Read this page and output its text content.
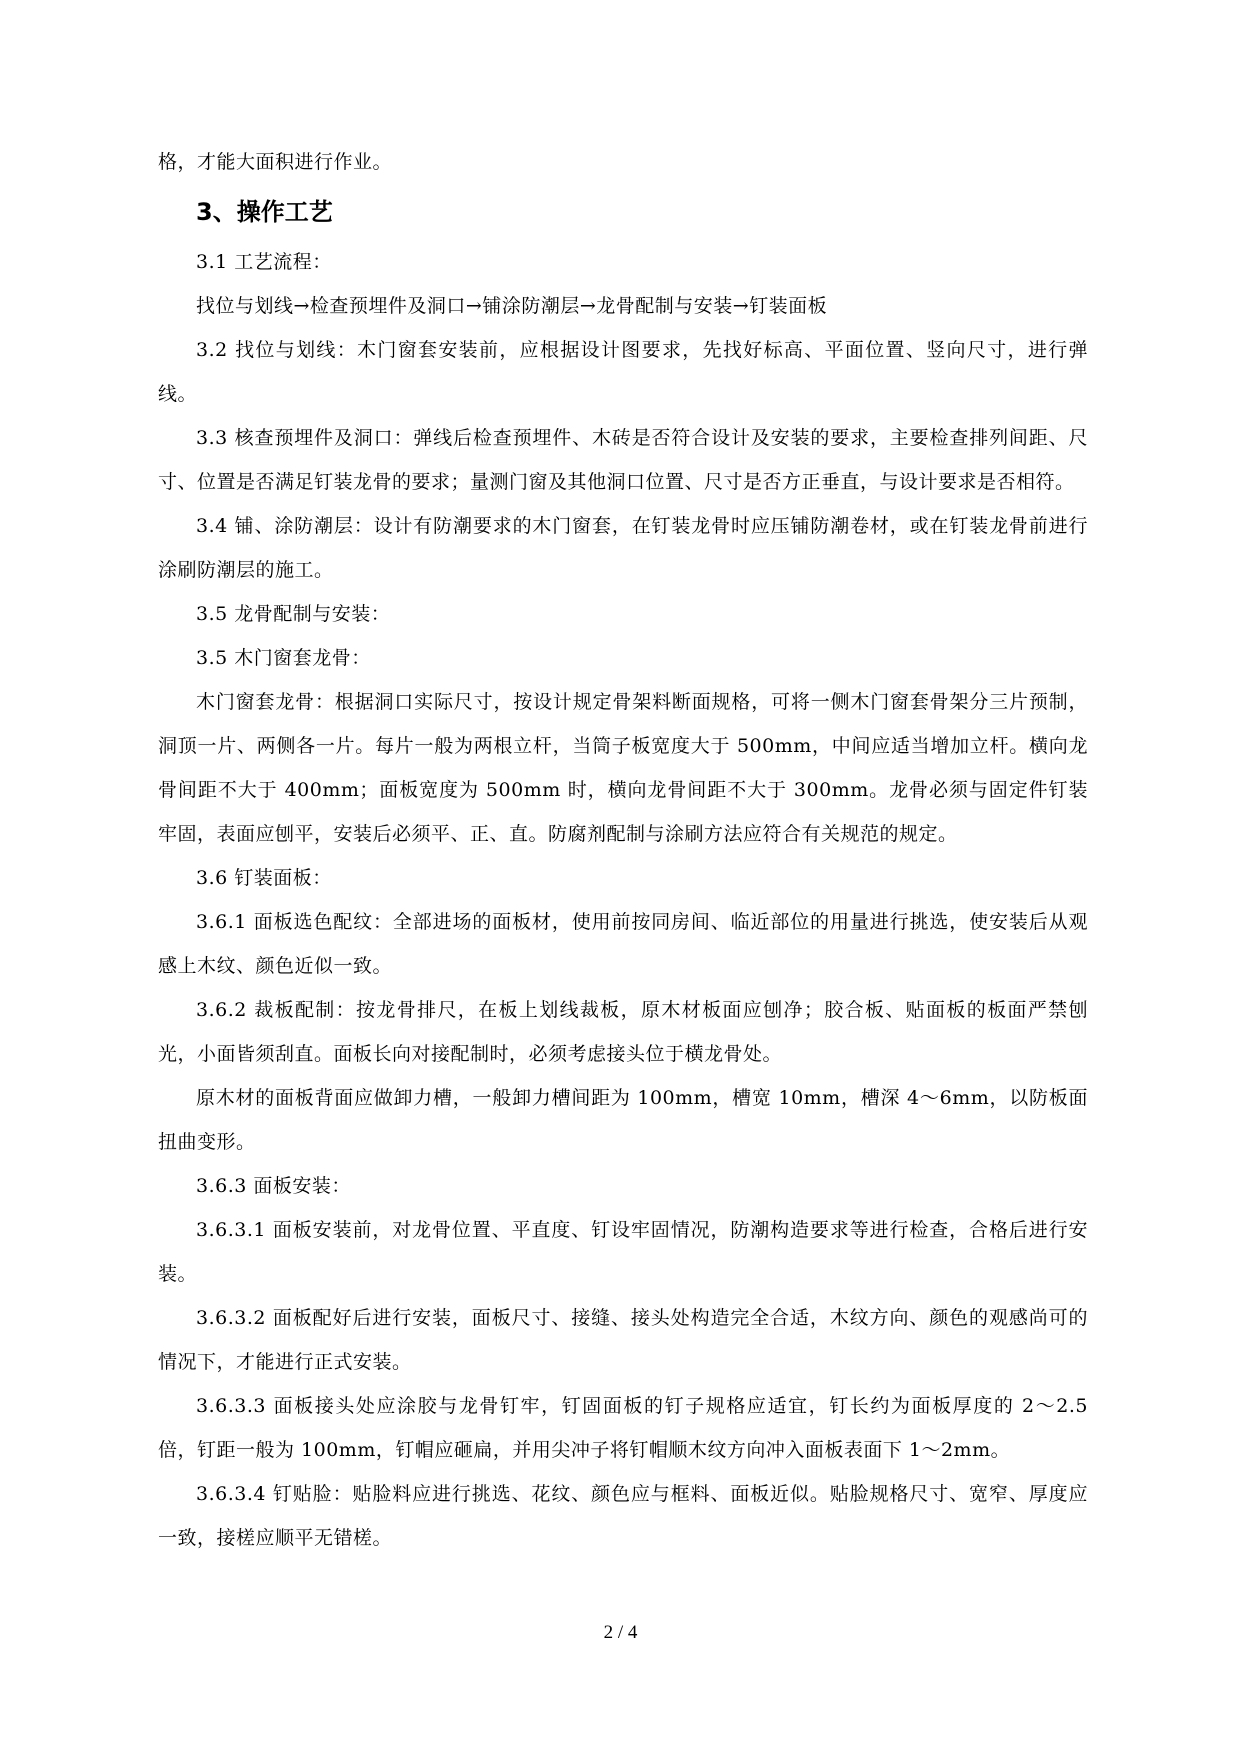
格，才能大面积进行作业。

3、操作工艺

3.1 工艺流程：

找位与划线→检查预埋件及洞口→铺涂防潮层→龙骨配制与安装→钉装面板

3.2 找位与划线：木门窗套安装前，应根据设计图要求，先找好标高、平面位置、竖向尺寸，进行弹线。

3.3 核查预埋件及洞口：弹线后检查预埋件、木砖是否符合设计及安装的要求，主要检查排列间距、尺寸、位置是否满足钉装龙骨的要求；量测门窗及其他洞口位置、尺寸是否方正垂直，与设计要求是否相符。

3.4 铺、涂防潮层：设计有防潮要求的木门窗套，在钉装龙骨时应压铺防潮卷材，或在钉装龙骨前进行涂刷防潮层的施工。

3.5 龙骨配制与安装：

3.5 木门窗套龙骨：

木门窗套龙骨：根据洞口实际尺寸，按设计规定骨架料断面规格，可将一侧木门窗套骨架分三片预制，洞顶一片、两侧各一片。每片一般为两根立杆，当筒子板宽度大于 500mm，中间应适当增加立杆。横向龙骨间距不大于 400mm；面板宽度为 500mm 时，横向龙骨间距不大于 300mm。龙骨必须与固定件钉装牢固，表面应刨平，安装后必须平、正、直。防腐剂配制与涂刷方法应符合有关规范的规定。

3.6 钉装面板：

3.6.1 面板选色配纹：全部进场的面板材，使用前按同房间、临近部位的用量进行挑选，使安装后从观感上木纹、颜色近似一致。

3.6.2 裁板配制：按龙骨排尺，在板上划线裁板，原木材板面应刨净；胶合板、贴面板的板面严禁刨光，小面皆须刮直。面板长向对接配制时，必须考虑接头位于横龙骨处。

原木材的面板背面应做卸力槽，一般卸力槽间距为 100mm，槽宽 10mm，槽深 4～6mm，以防板面扭曲变形。

3.6.3 面板安装：

3.6.3.1 面板安装前，对龙骨位置、平直度、钉设牢固情况，防潮构造要求等进行检查，合格后进行安装。

3.6.3.2 面板配好后进行安装，面板尺寸、接缝、接头处构造完全合适，木纹方向、颜色的观感尚可的情况下，才能进行正式安装。

3.6.3.3 面板接头处应涂胶与龙骨钉牢，钉固面板的钉子规格应适宜，钉长约为面板厚度的 2～2.5 倍，钉距一般为 100mm，钉帽应砸扁，并用尖冲子将钉帽顺木纹方向冲入面板表面下 1～2mm。

3.6.3.4 钉贴脸：贴脸料应进行挑选、花纹、颜色应与框料、面板近似。贴脸规格尺寸、宽窄、厚度应一致，接槎应顺平无错槎。

2 / 4
